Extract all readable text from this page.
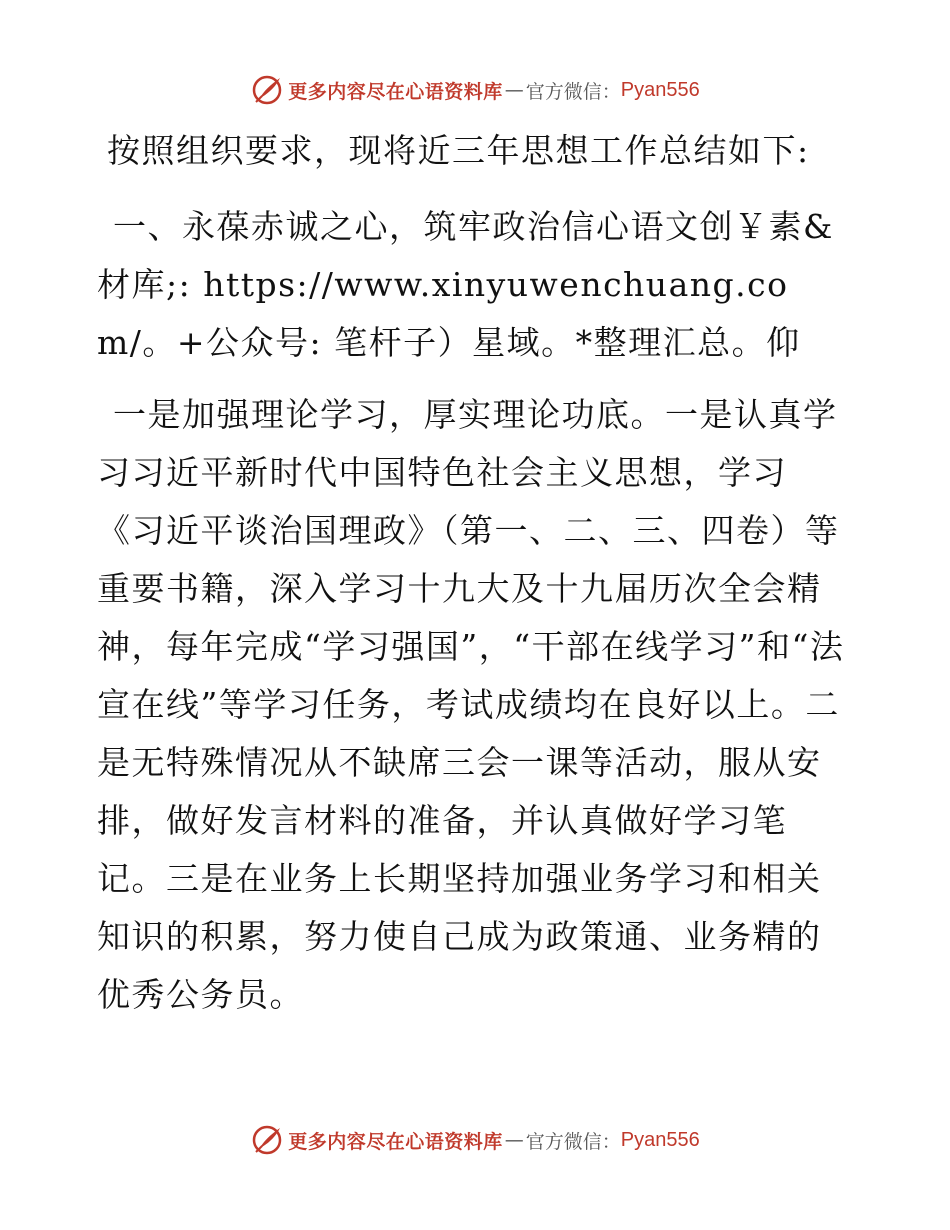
更多内容尽在心语资料库 — 官方微信： Pyan556

按照组织要求，现将近三年思想工作总结如下:

一、永葆赤诚之心，筑牢政治信心语文创￥素&材库;: https://www.xinyuwenchuang.com/。+公众号: 笔杆子）星域。*整理汇总。仰

一是加强理论学习，厚实理论功底。一是认真学习习近平新时代中国特色社会主义思想，学习《习近平谈治国理政》（第一、二、三、四卷）等重要书籍，深入学习十九大及十九届历次全会精神，每年完成“学习强国”，“干部在线学习”和“法宣在线”等学习任务，考试成绩均在良好以上。二是无特殊情况从不缺席三会一课等活动，服从安排，做好发言材料的准备，并认真做好学习笔记。三是在业务上长期坚持加强业务学习和相关知识的积累，努力使自己成为政策通、业务精的优秀公务员。

更多内容尽在心语资料库 — 官方微信： Pyan556
